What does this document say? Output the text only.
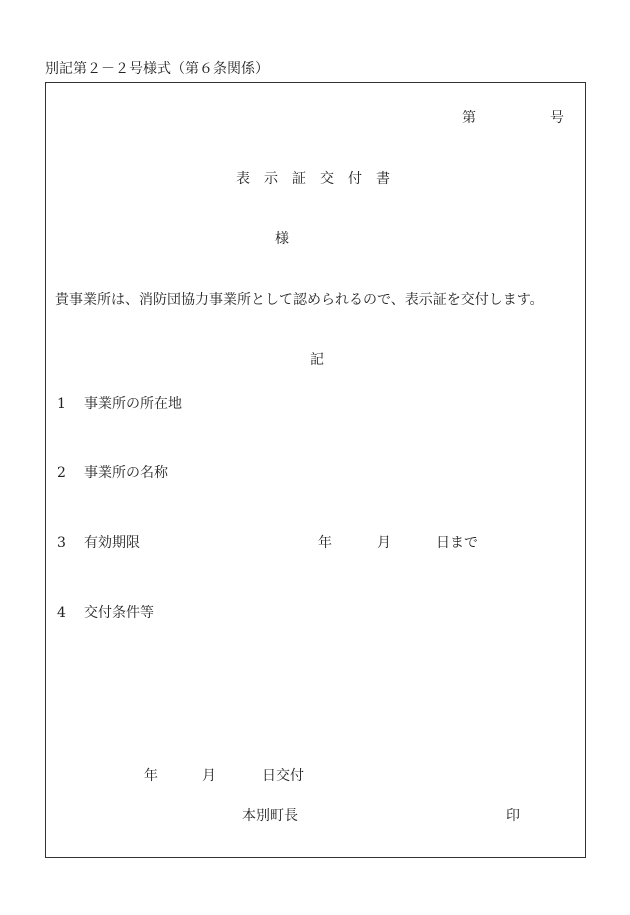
別記第２－２号様式（第６条関係）
第	号
表示証交付書
様
貴事業所は、消防団協力事業所として認められるので、表示証を交付します。
記
1 事業所の所在地
2 事業所の名称
3 有効期限	年	月	日まで
4 交付条件等
年	月	日交付
本別町長	印
